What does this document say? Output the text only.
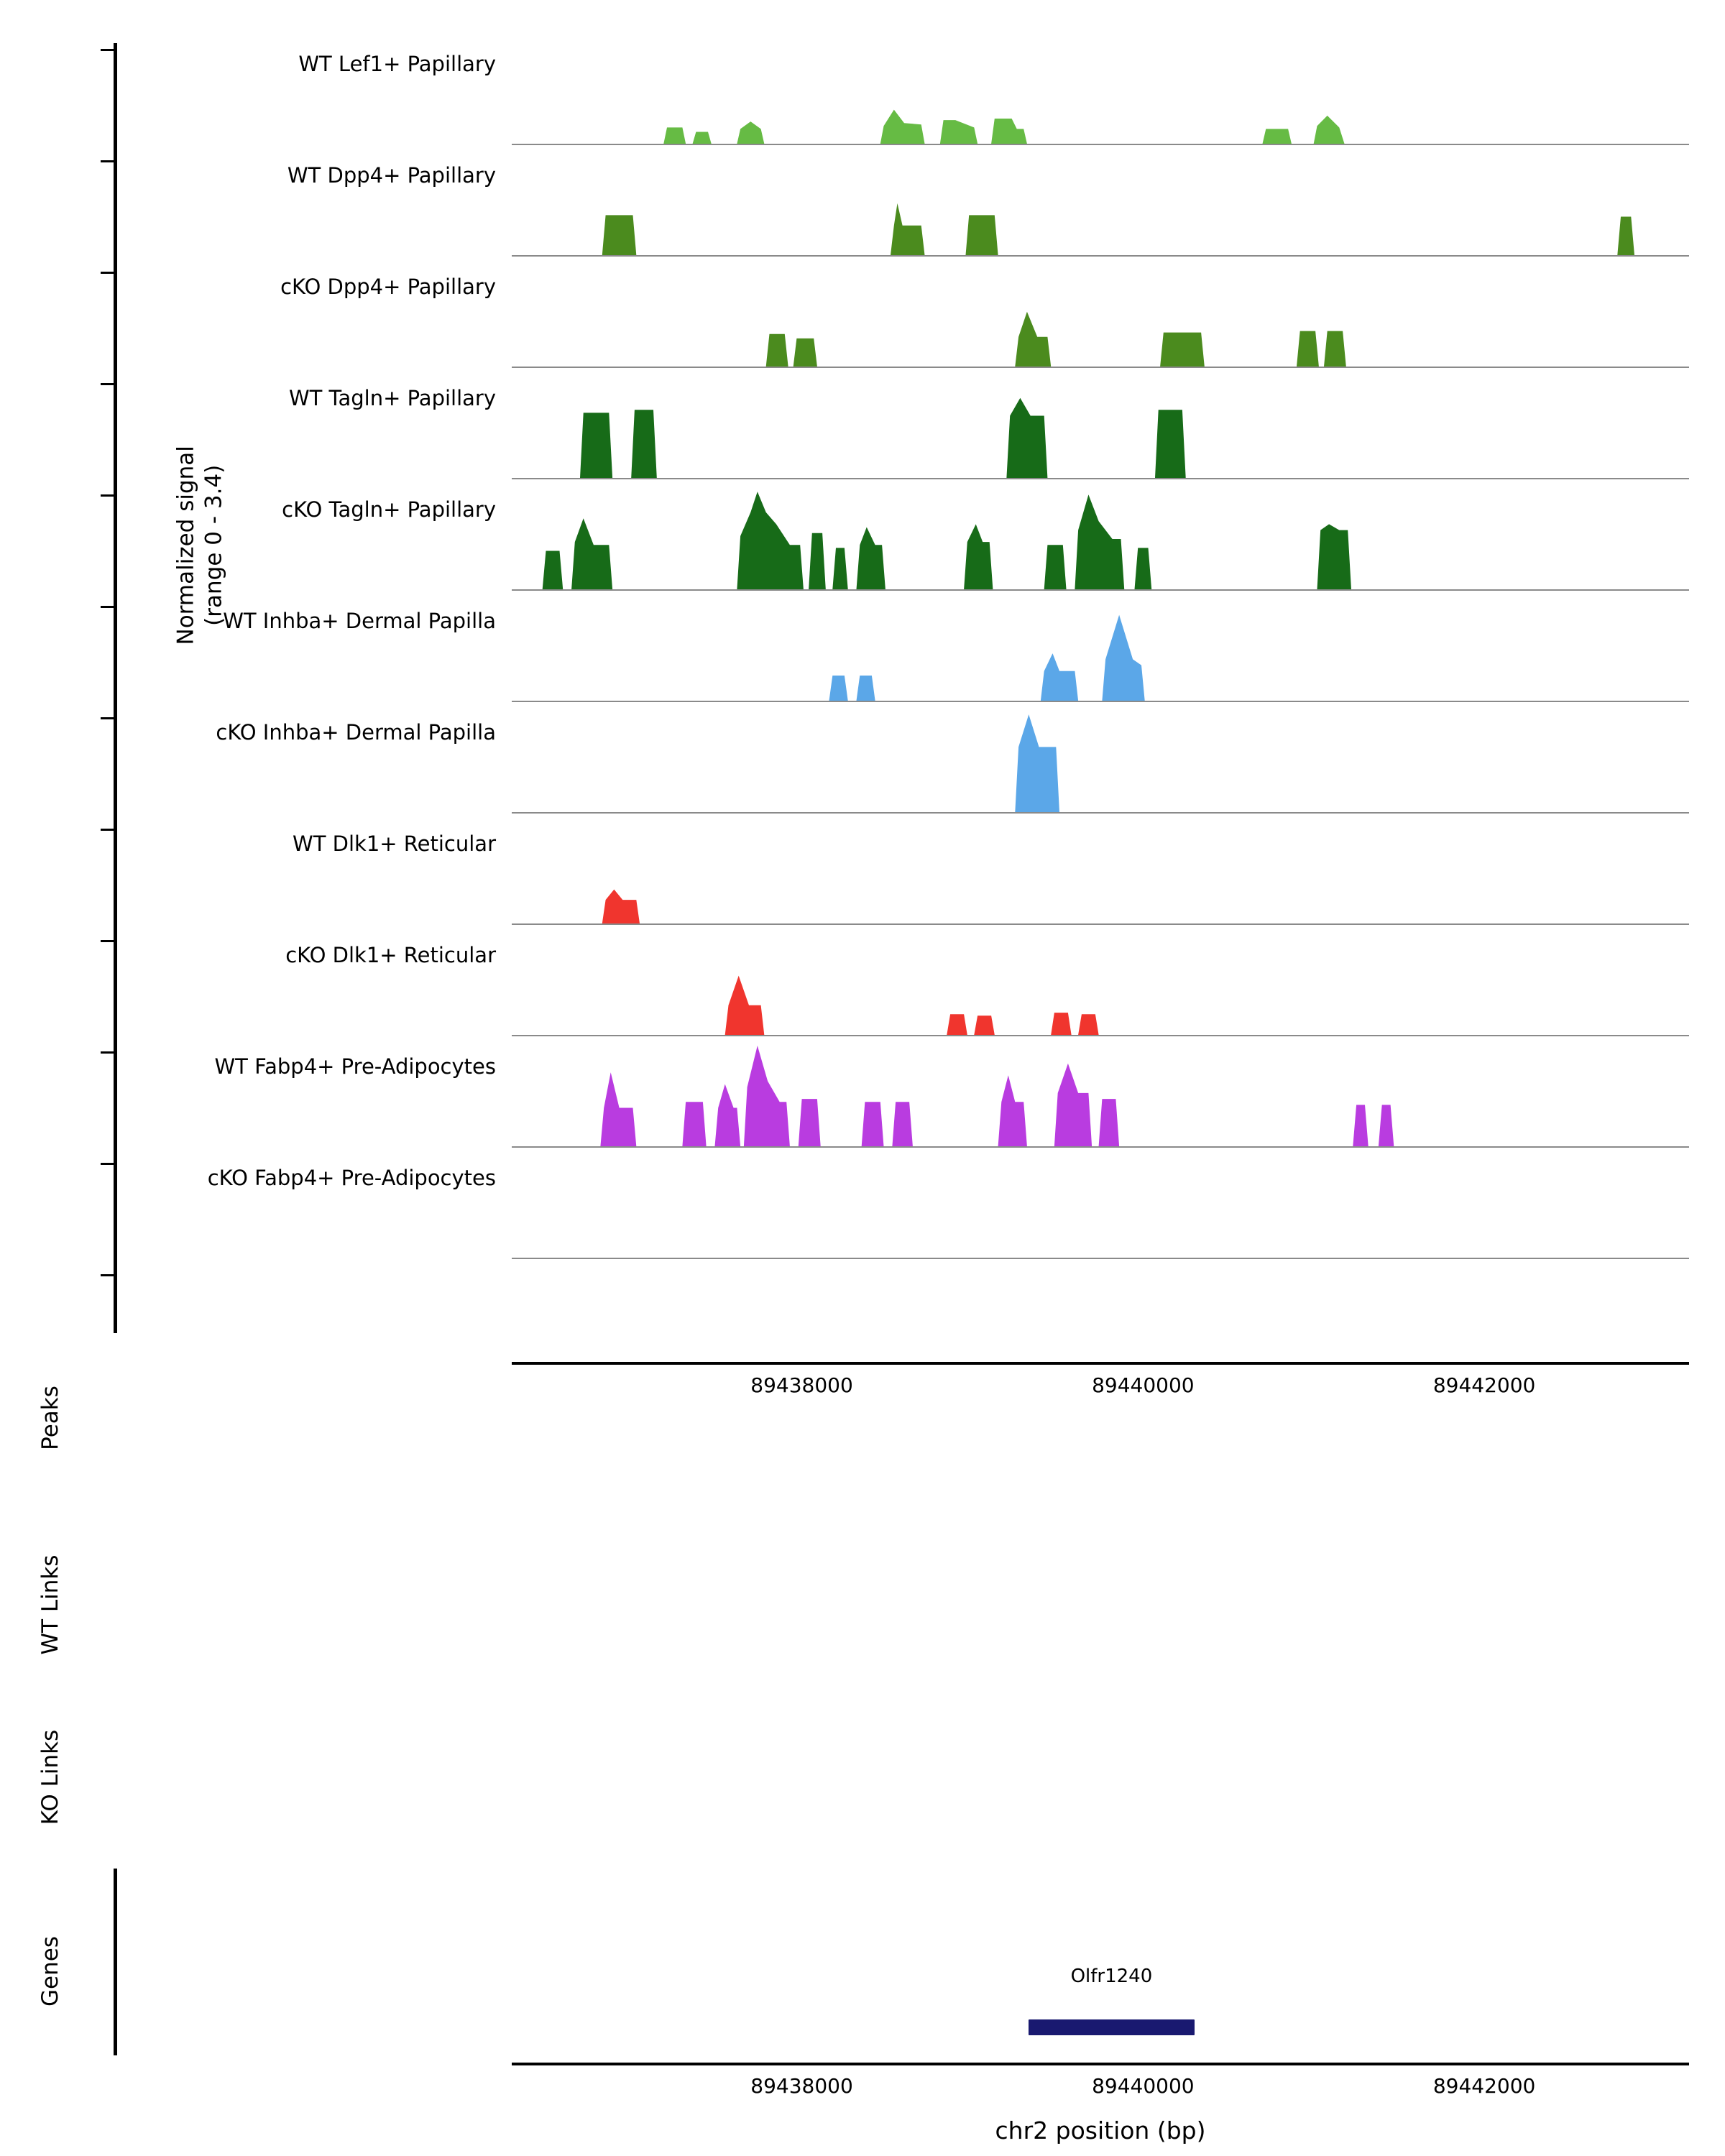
Normalized signal (range 0 - 3.4)
WT Lef1+ Papillary
WT Dpp4+ Papillary
cKO Dpp4+ Papillary
WT Tagln+ Papillary
cKO Tagln+ Papillary
WT Inhba+ Dermal Papilla
cKO Inhba+ Dermal Papilla
WT Dlk1+ Reticular
cKO Dlk1+ Reticular
WT Fabp4+ Pre-Adipocytes
cKO Fabp4+ Pre-Adipocytes
89438000	89440000	89442000
Peaks
WT Links
KO Links
Genes	Olfr1240
89438000	89440000	89442000
chr2 position (bp)
